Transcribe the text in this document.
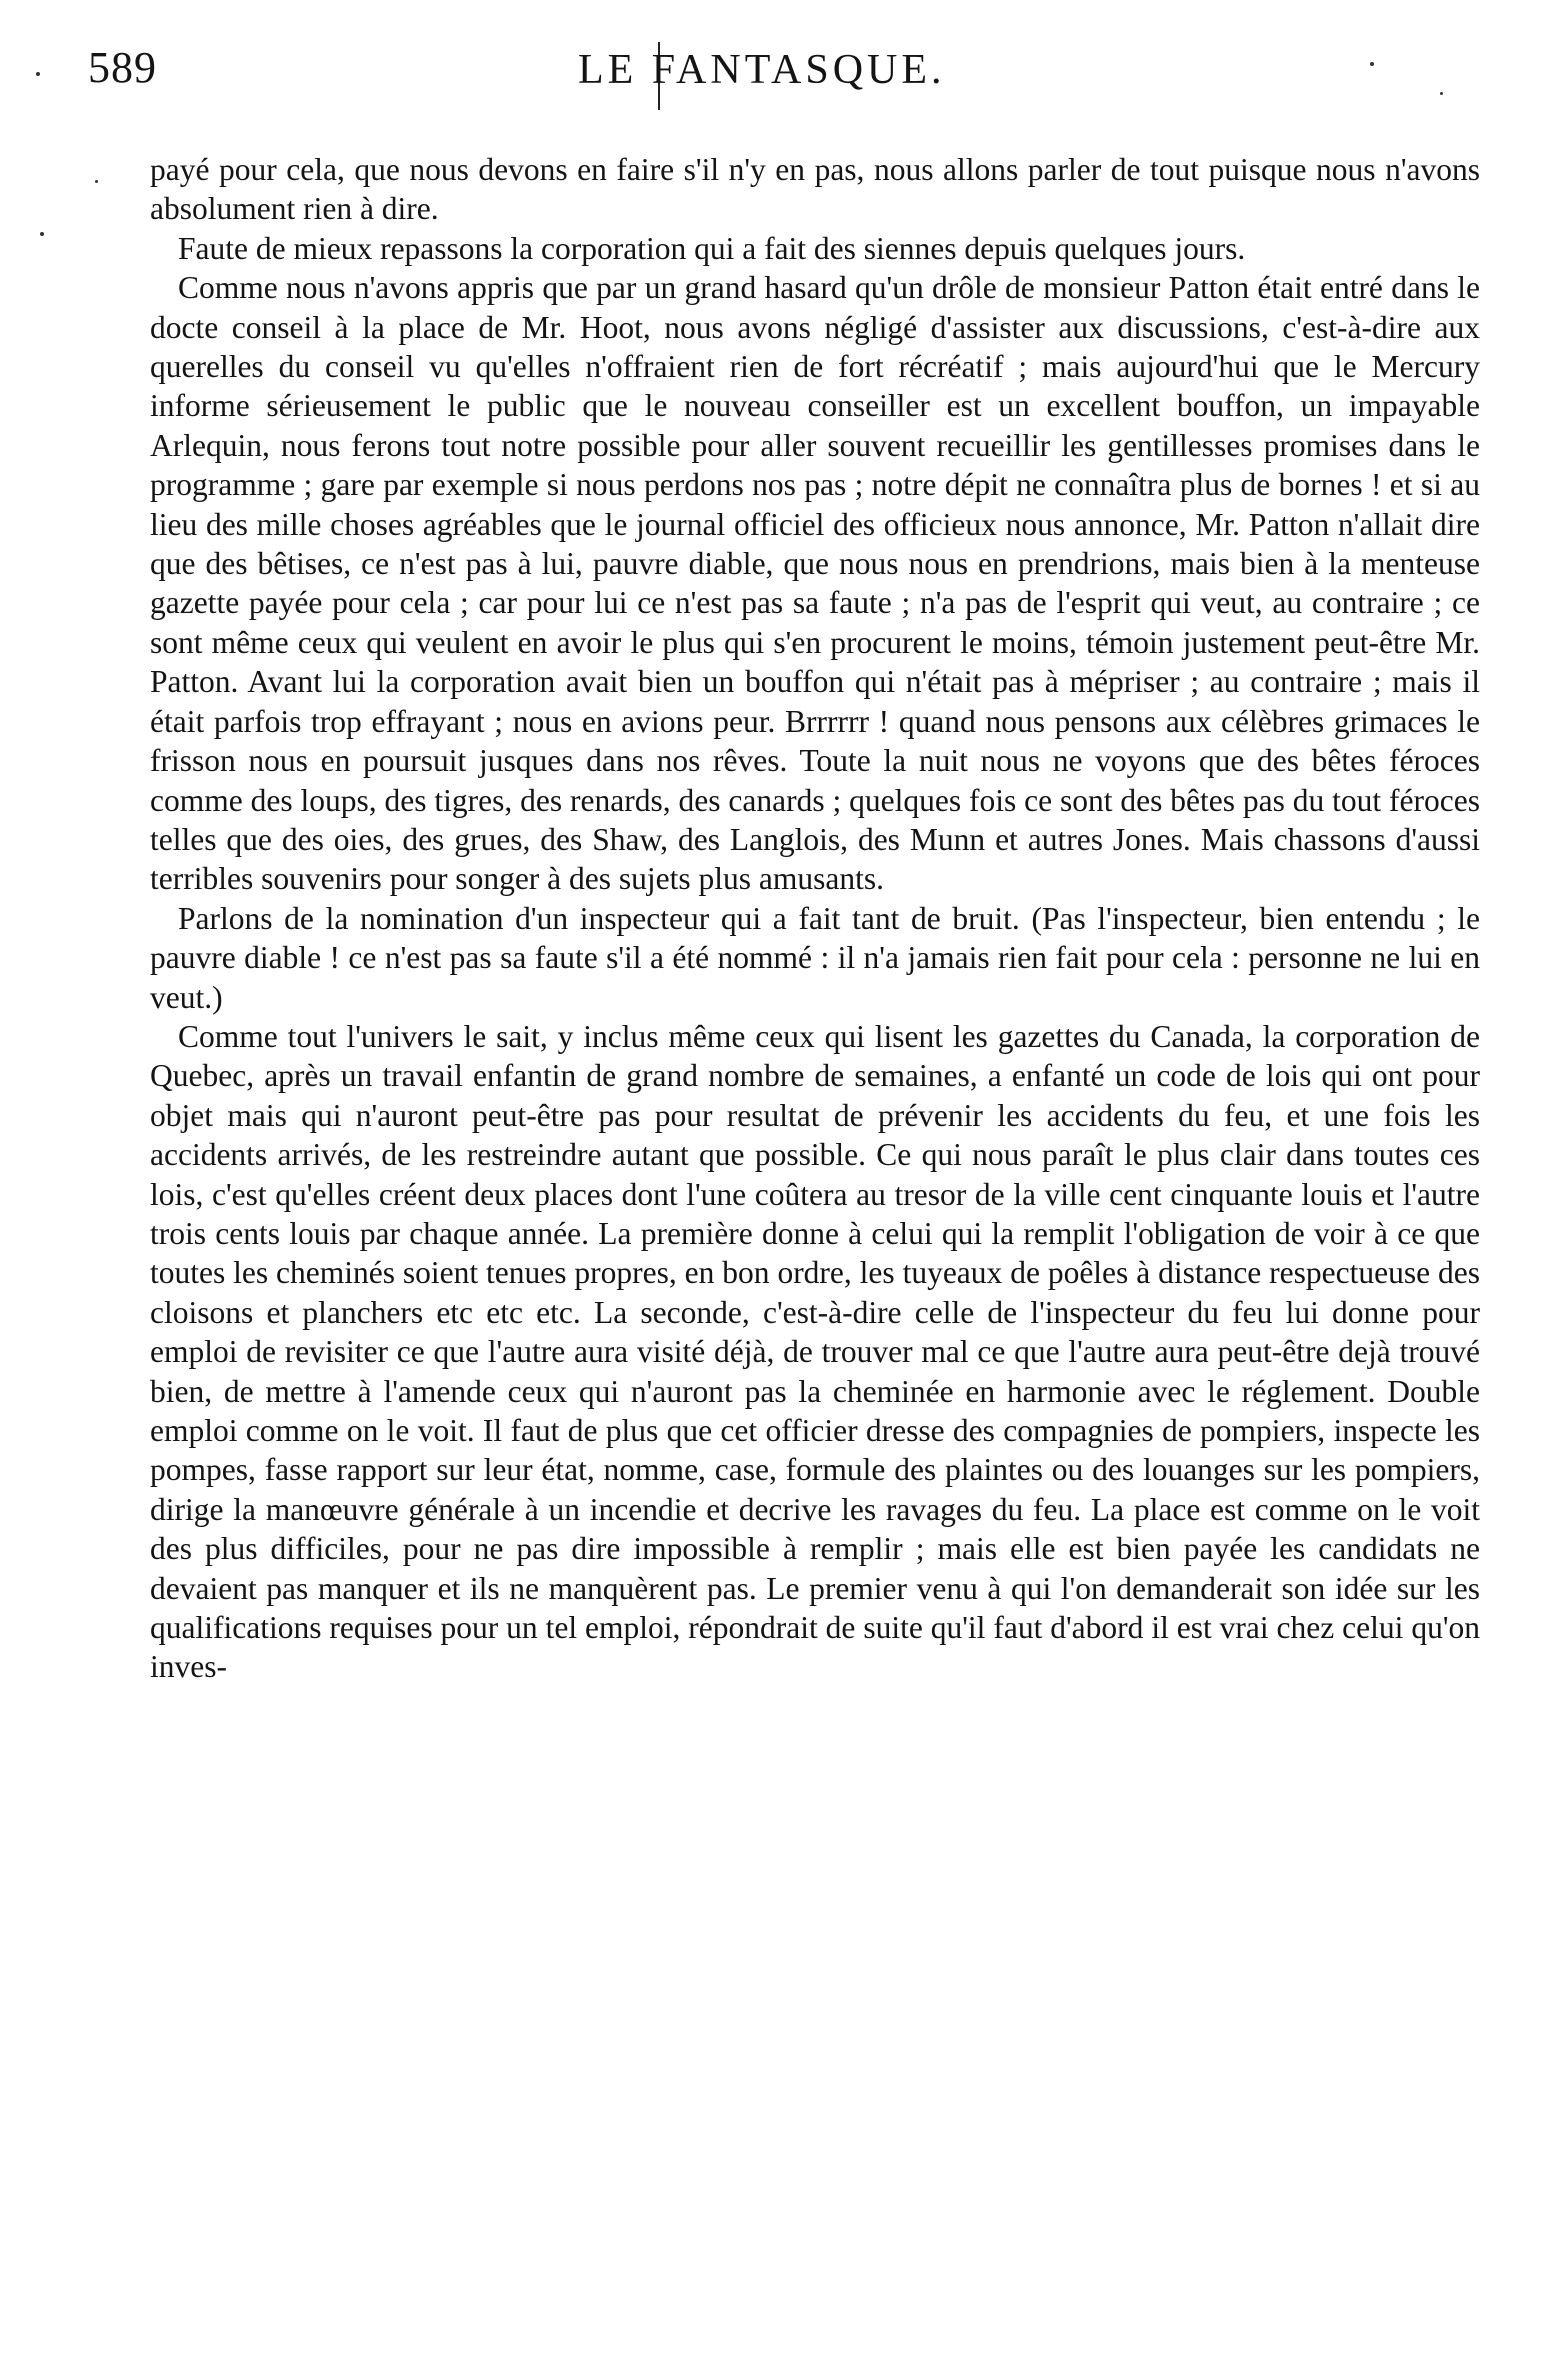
589	LE FANTASQUE.

payé pour cela, que nous devons en faire s'il n'y en pas, nous allons parler de tout puisque nous n'avons absolument rien à dire.

Faute de mieux repassons la corporation qui a fait des siennes depuis quelques jours.

Comme nous n'avons appris que par un grand hasard qu'un drôle de monsieur Patton était entré dans le docte conseil à la place de Mr. Hoot, nous avons négligé d'assister aux discussions, c'est-à-dire aux querelles du conseil vu qu'elles n'offraient rien de fort récréatif ; mais aujourd'hui que le Mercury informe sérieusement le public que le nouveau conseiller est un excellent bouffon, un impayable Arlequin, nous ferons tout notre possible pour aller souvent recueillir les gentillesses promises dans le programme ; gare par exemple si nous perdons nos pas ; notre dépit ne connaîtra plus de bornes ! et si au lieu des mille choses agréables que le journal officiel des officieux nous annonce, Mr. Patton n'allait dire que des bêtises, ce n'est pas à lui, pauvre diable, que nous nous en prendrions, mais bien à la menteuse gazette payée pour cela ; car pour lui ce n'est pas sa faute ; n'a pas de l'esprit qui veut, au contraire ; ce sont même ceux qui veulent en avoir le plus qui s'en procurent le moins, témoin justement peut-être Mr. Patton. Avant lui la corporation avait bien un bouffon qui n'était pas à mépriser ; au contraire ; mais il était parfois trop effrayant ; nous en avions peur. Brrrrrr ! quand nous pensons aux célèbres grimaces le frisson nous en poursuit jusques dans nos rêves. Toute la nuit nous ne voyons que des bêtes féroces comme des loups, des tigres, des renards, des canards ; quelques fois ce sont des bêtes pas du tout féroces telles que des oies, des grues, des Shaw, des Langlois, des Munn et autres Jones. Mais chassons d'aussi terribles souvenirs pour songer à des sujets plus amusants.

Parlons de la nomination d'un inspecteur qui a fait tant de bruit. (Pas l'inspecteur, bien entendu ; le pauvre diable ! ce n'est pas sa faute s'il a été nommé : il n'a jamais rien fait pour cela : personne ne lui en veut.)

Comme tout l'univers le sait, y inclus même ceux qui lisent les gazettes du Canada, la corporation de Quebec, après un travail enfantin de grand nombre de semaines, a enfanté un code de lois qui ont pour objet mais qui n'auront peut-être pas pour resultat de prévenir les accidents du feu, et une fois les accidents arrivés, de les restreindre autant que possible. Ce qui nous paraît le plus clair dans toutes ces lois, c'est qu'elles créent deux places dont l'une coûtera au tresor de la ville cent cinquante louis et l'autre trois cents louis par chaque année. La première donne à celui qui la remplit l'obligation de voir à ce que toutes les cheminés soient tenues propres, en bon ordre, les tuyeaux de poêles à distance respectueuse des cloisons et planchers etc etc etc. La seconde, c'est-à-dire celle de l'inspecteur du feu lui donne pour emploi de revisiter ce que l'autre aura visité déjà, de trouver mal ce que l'autre aura peut-être dejà trouvé bien, de mettre à l'amende ceux qui n'auront pas la cheminée en harmonie avec le réglement. Double emploi comme on le voit. Il faut de plus que cet officier dresse des compagnies de pompiers, inspecte les pompes, fasse rapport sur leur état, nomme, case, formule des plaintes ou des louanges sur les pompiers, dirige la manœuvre générale à un incendie et decrive les ravages du feu. La place est comme on le voit des plus difficiles, pour ne pas dire impossible à remplir ; mais elle est bien payée les candidats ne devaient pas manquer et ils ne manquèrent pas. Le premier venu à qui l'on demanderait son idée sur les qualifications requises pour un tel emploi, répondrait de suite qu'il faut d'abord il est vrai chez celui qu'on inves-
